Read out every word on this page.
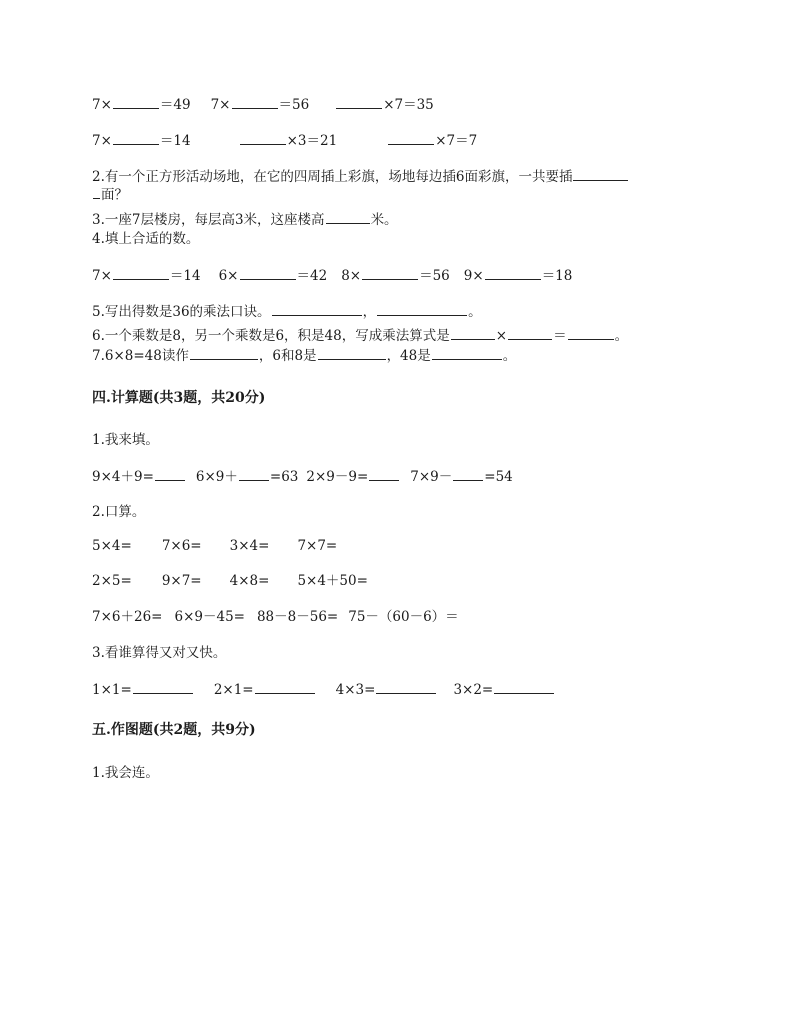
7×	＝49 7×	＝56	×7＝35
7×	＝14	×3＝21	×7＝7
2.有一个正方形活动场地，在它的四周插上彩旗，场地每边插6面彩旗，一共要插
面？
3.一座7层楼房，每层高3米，这座楼高	米。
4.填上合适的数。
7×	＝14 6×	＝42 8×	＝56 9×	＝18
5.写出得数是36的乘法口诀。	，	。
6.一个乘数是8，另一个乘数是6，积是48，写成乘法算式是	×	＝	。
7.6×8=48读作	，6和8是	，48是	。
四.计算题(共3题，共20分)
1.我来填。
9×4＋9=	6×9＋ =63 2×9－9=	7×9－ =54
2.口算。
5×4= 7×6= 3×4= 7×7=
2×5= 9×7= 4×8= 5×4＋50=
7×6＋26= 6×9－45= 88－8－56= 75－（60－6）＝
3.看谁算得又对又快。
1×1=	2×1=	4×3=	3×2=
五.作图题(共2题，共9分)
1.我会连。
